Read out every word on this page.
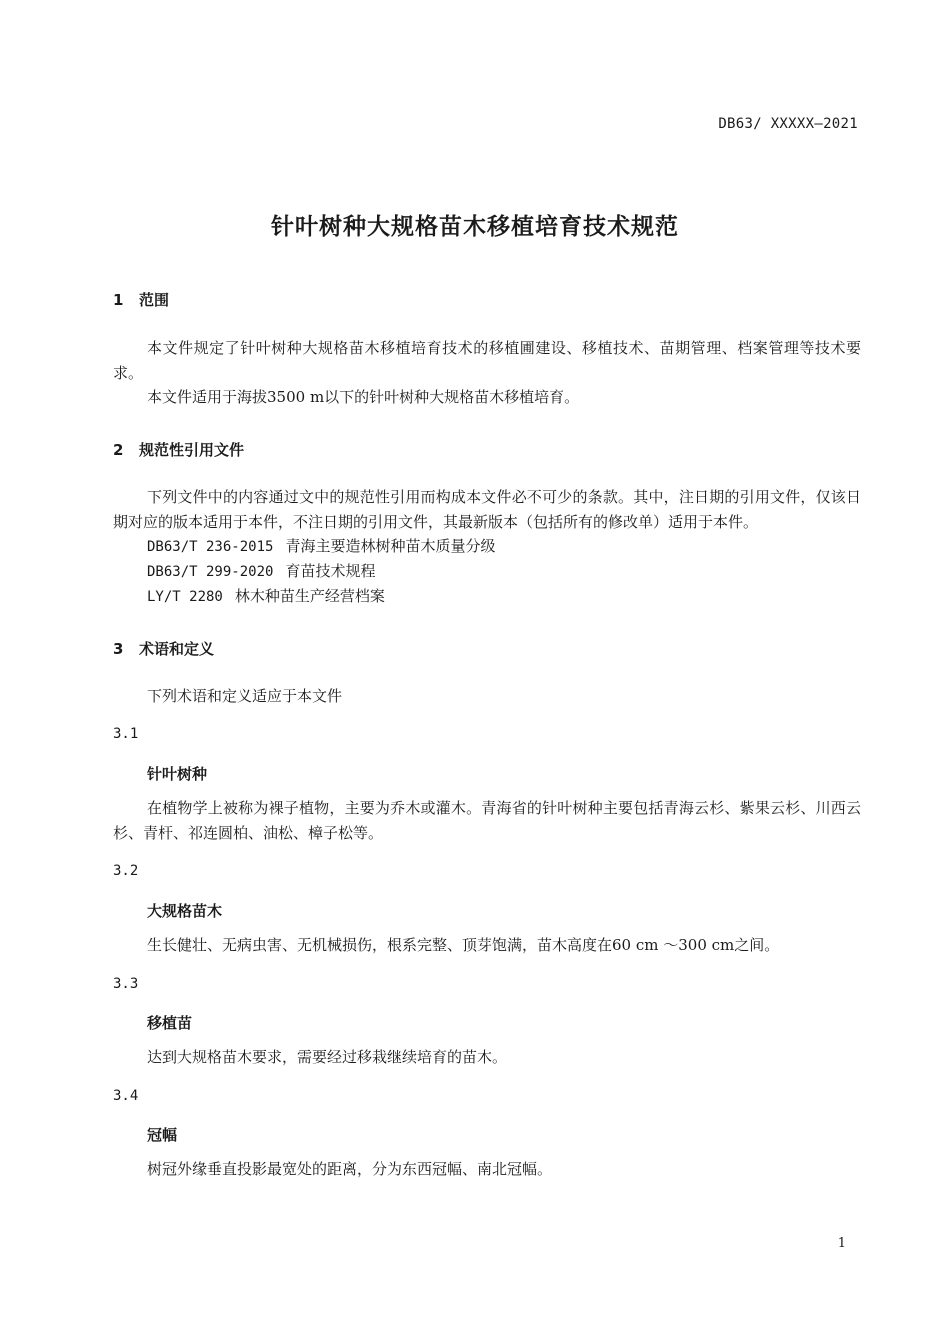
DB63/ XXXXX—2021
针叶树种大规格苗木移植培育技术规范
1 范围
本文件规定了针叶树种大规格苗木移植培育技术的移植圃建设、移植技术、苗期管理、档案管理等技术要求。
本文件适用于海拔3500 m以下的针叶树种大规格苗木移植培育。
2 规范性引用文件
下列文件中的内容通过文中的规范性引用而构成本文件必不可少的条款。其中，注日期的引用文件，仅该日期对应的版本适用于本件，不注日期的引用文件，其最新版本（包括所有的修改单）适用于本件。
DB63/T 236-2015 青海主要造林树种苗木质量分级
DB63/T 299-2020 育苗技术规程
LY/T 2280 林木种苗生产经营档案
3 术语和定义
下列术语和定义适应于本文件
3.1
针叶树种
在植物学上被称为裸子植物，主要为乔木或灌木。青海省的针叶树种主要包括青海云杉、紫果云杉、川西云杉、青杆、祁连圆柏、油松、樟子松等。
3.2
大规格苗木
生长健壮、无病虫害、无机械损伤，根系完整、顶芽饱满，苗木高度在60 cm ～300 cm之间。
3.3
移植苗
达到大规格苗木要求，需要经过移栽继续培育的苗木。
3.4
冠幅
树冠外缘垂直投影最宽处的距离，分为东西冠幅、南北冠幅。
1
